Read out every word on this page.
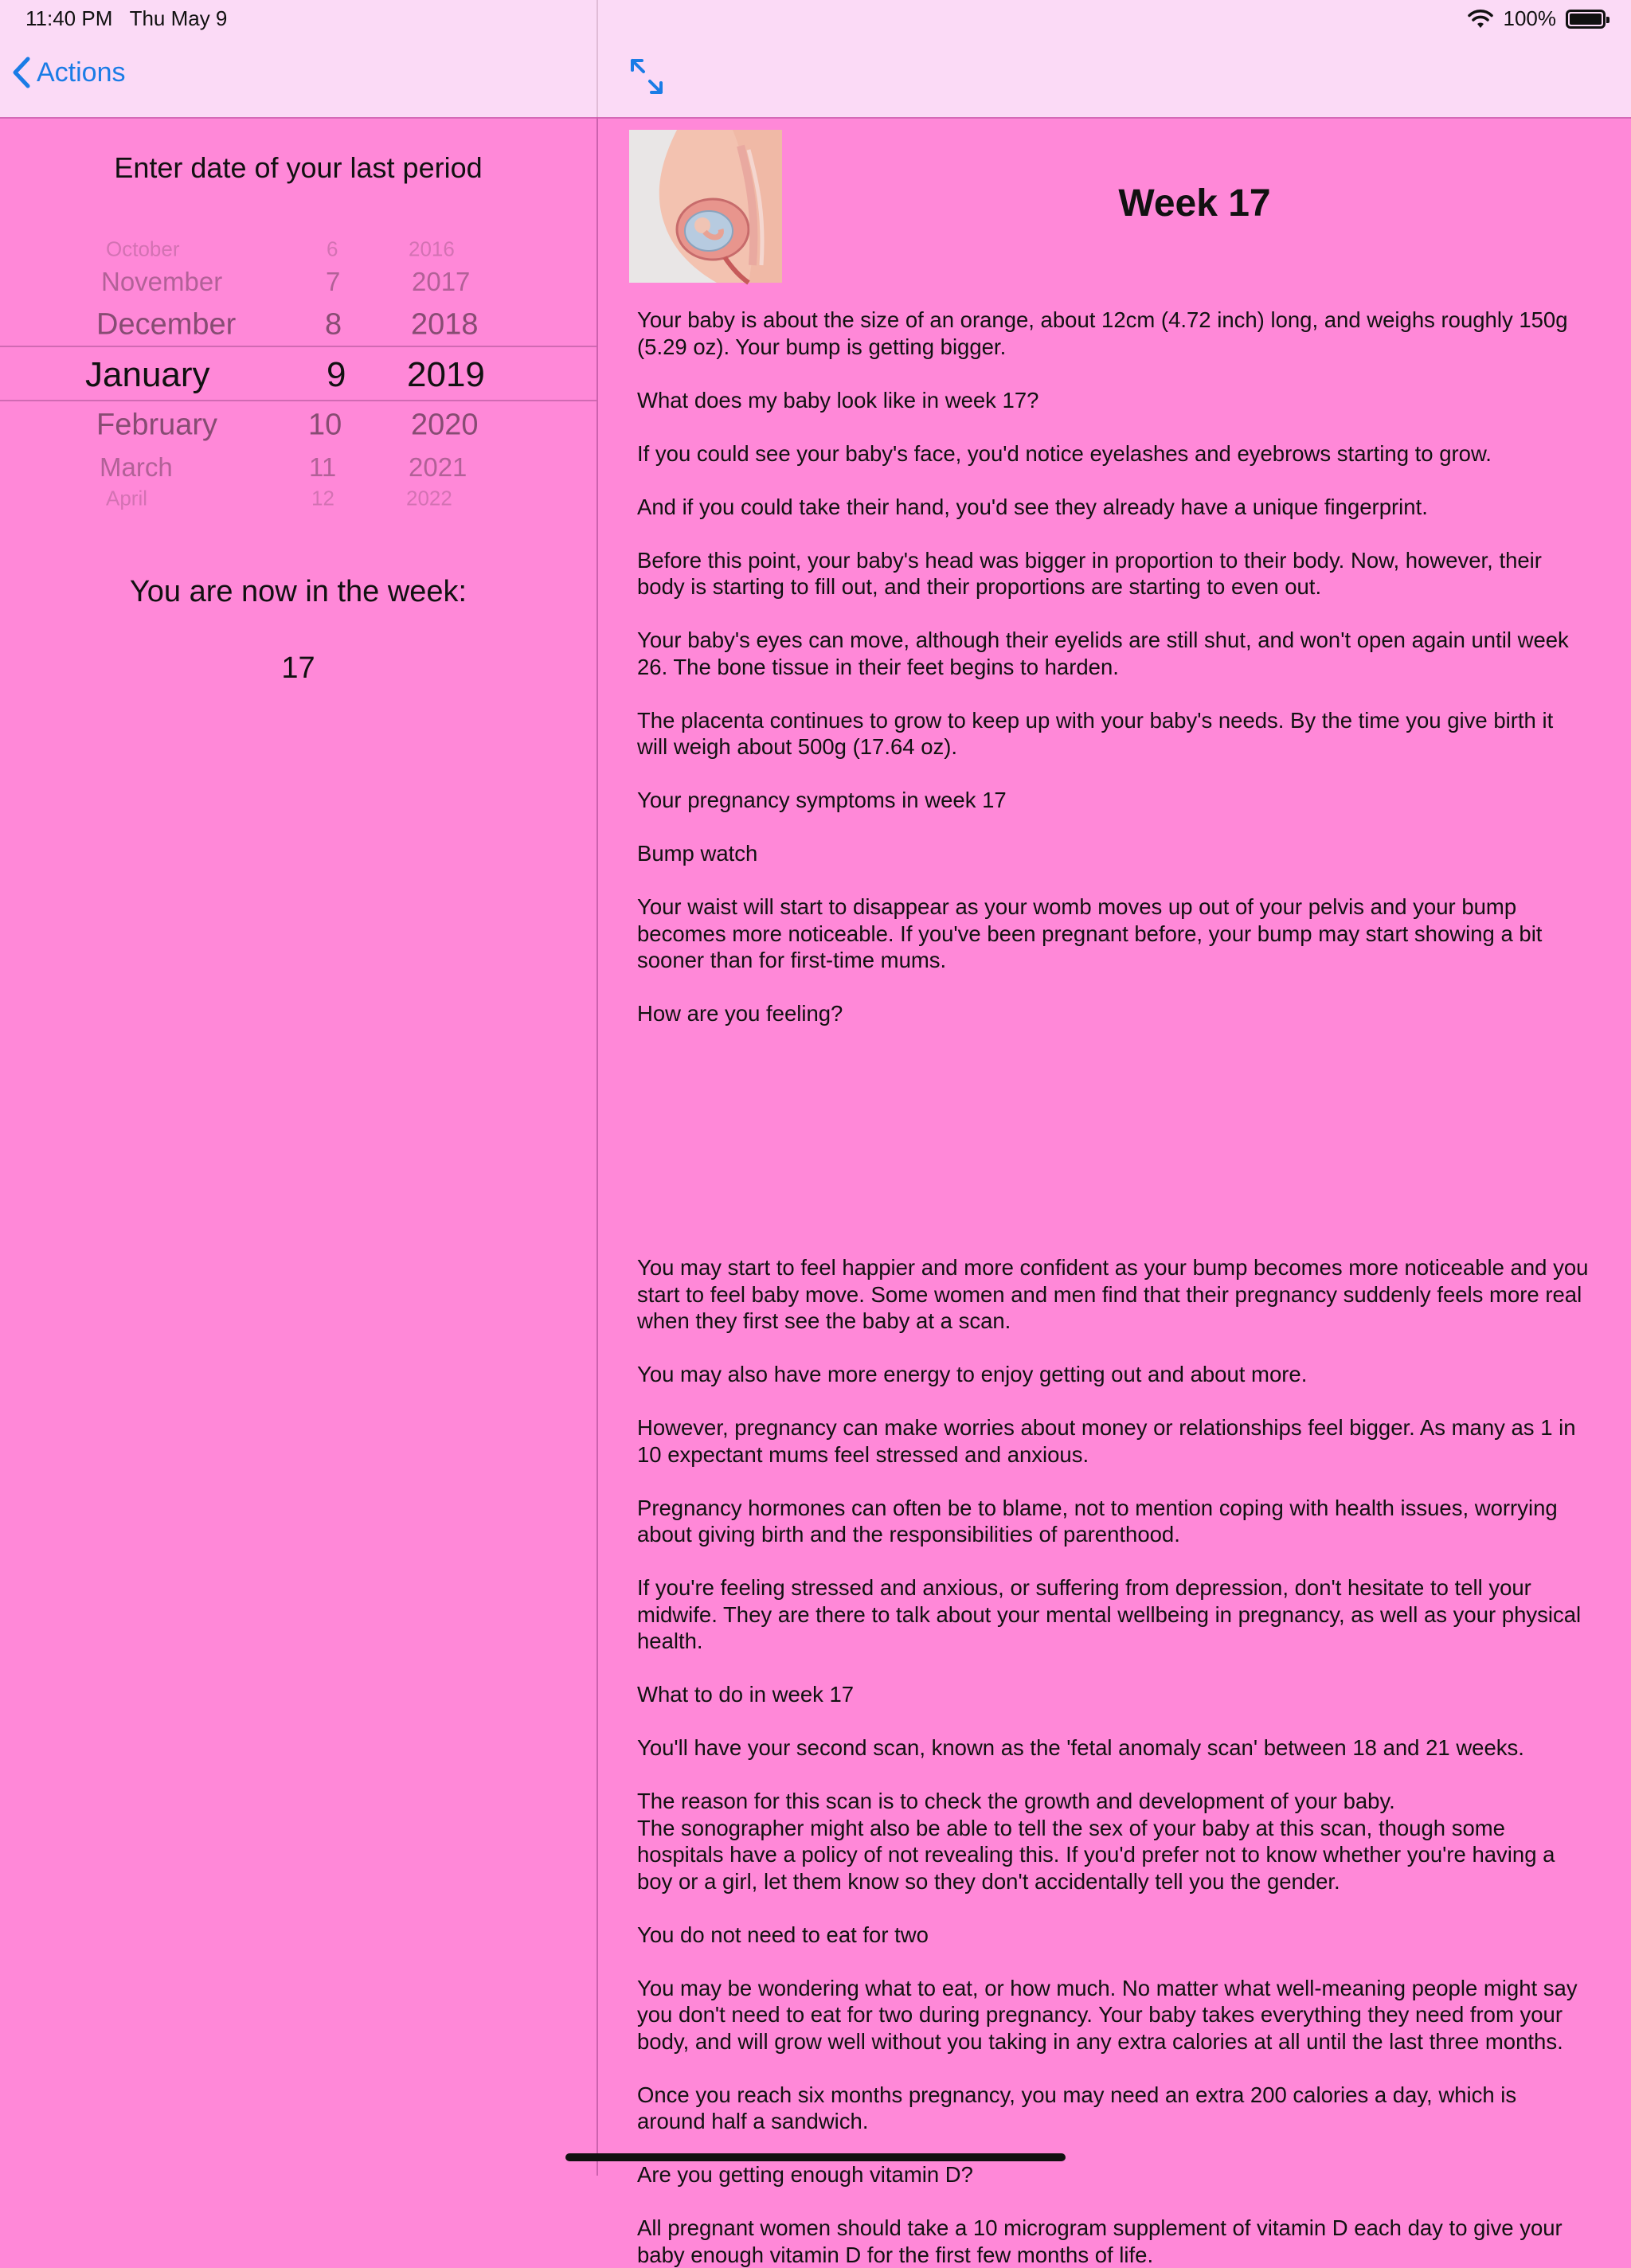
11:40 PM Thu May 9	100%
Actions
Enter date of your last period
October	6	2016
November	7	2017
December	8 2018
January	9 2019
February	10 2020
March	11	2021
April	12	2022
You are now in the week:
17
Week 17

Your baby is about the size of an orange, about 12cm (4.72 inch) long, and weighs roughly 150g (5.29 oz). Your bump is getting bigger.

What does my baby look like in week 17?

If you could see your baby's face, you'd notice eyelashes and eyebrows starting to grow.

And if you could take their hand, you'd see they already have a unique fingerprint.

Before this point, your baby's head was bigger in proportion to their body. Now, however, their body is starting to fill out, and their proportions are starting to even out.

Your baby's eyes can move, although their eyelids are still shut, and won't open again until week 26. The bone tissue in their feet begins to harden.

The placenta continues to grow to keep up with your baby's needs. By the time you give birth it will weigh about 500g (17.64 oz).

Your pregnancy symptoms in week 17

Bump watch

Your waist will start to disappear as your womb moves up out of your pelvis and your bump becomes more noticeable. If you've been pregnant before, your bump may start showing a bit sooner than for first-time mums.

How are you feeling?

You may start to feel happier and more confident as your bump becomes more noticeable and you start to feel baby move. Some women and men find that their pregnancy suddenly feels more real when they first see the baby at a scan.

You may also have more energy to enjoy getting out and about more.

However, pregnancy can make worries about money or relationships feel bigger. As many as 1 in 10 expectant mums feel stressed and anxious.

Pregnancy hormones can often be to blame, not to mention coping with health issues, worrying about giving birth and the responsibilities of parenthood.

If you're feeling stressed and anxious, or suffering from depression, don't hesitate to tell your midwife. They are there to talk about your mental wellbeing in pregnancy, as well as your physical health.

What to do in week 17

You'll have your second scan, known as the 'fetal anomaly scan' between 18 and 21 weeks.

The reason for this scan is to check the growth and development of your baby.

The sonographer might also be able to tell the sex of your baby at this scan, though some hospitals have a policy of not revealing this. If you'd prefer not to know whether you're having a boy or a girl, let them know so they don't accidentally tell you the gender.

You do not need to eat for two

You may be wondering what to eat, or how much. No matter what well-meaning people might say you don't need to eat for two during pregnancy. Your baby takes everything they need from your body, and will grow well without you taking in any extra calories at all until the last three months.

Once you reach six months pregnancy, you may need an extra 200 calories a day, which is around half a sandwich.

Are you getting enough vitamin D?

All pregnant women should take a 10 microgram supplement of vitamin D each day to give your baby enough vitamin D for the first few months of life.
